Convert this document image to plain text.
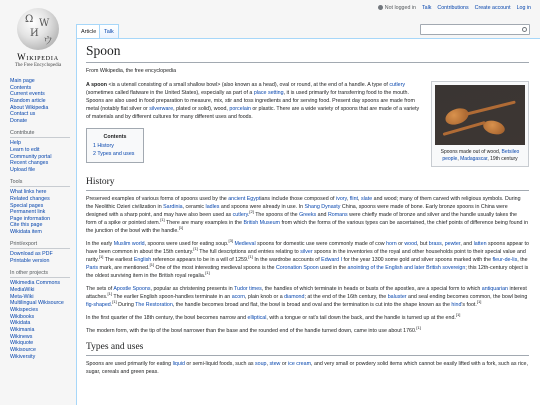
Ω W
И
ウ
Wikipedia
The Free Encyclopedia
Not logged in Talk Contributions Create account Log in
Article	Talk
Main page
Contents
Current events
Random article
About Wikipedia
Contact us
Donate
Contribute
Help
Learn to edit
Community portal
Recent changes
Upload file
Tools
What links here
Related changes
Special pages
Permanent link
Page information
Cite this page
Wikidata item
Print/export
Download as PDF
Printable version
In other projects
Wikimedia Commons
MediaWiki
Meta-Wiki
Multilingual Wikisource
Wikispecies
Wikibooks
Wikidata
Wikimania
Wikinews
Wikiquote
Wikisource
Wikiversity
Spoon
From Wikipedia, the free encyclopedia
Spoons made out of wood, Betsileo people, Madagascar, 19th century

A spoon <is a utensil consisting of a small shallow bowl> (also known as a head), oval or round, at the end of a handle. A type of cutlery (sometimes called flatware in the United States), especially as part of a place setting, it is used primarily for transferring food to the mouth. Spoons are also used in food preparation to measure, mix, stir and toss ingredients and for serving food. Present day spoons are made from metal (notably flat silver or silverware, plated or solid), wood, porcelain or plastic. There are a wide variety of spoons that are made of a variety of materials and by different cultures for many different uses and foods.

Contents
1 History
2 Types and uses
History

Preserved examples of various forms of spoons used by the ancient Egyptians include those composed of ivory, flint, slate and wood; many of them carved with religious symbols. During the Neolithic Ozieri civilization in Sardinia, ceramic ladles and spoons were already in use. In Shang Dynasty China, spoons were made of bone. Early bronze spoons in China were designed with a sharp point, and may have also been used as cutlery.[2] The spoons of the Greeks and Romans were chiefly made of bronze and silver and the handle usually takes the form of a spike or pointed stem.[1] There are many examples in the British Museum from which the forms of the various types can be ascertained, the chief points of difference being found in the junction of the bowl with the handle.[1]

In the early Muslim world, spoons were used for eating soup.[3] Medieval spoons for domestic use were commonly made of cow horn or wood, but brass, pewter, and latten spoons appear to have been common in about the 15th century.[1] The full descriptions and entries relating to silver spoons in the inventories of the royal and other households point to their special value and rarity.[1] The earliest English reference appears to be in a will of 1259.[1] In the wardrobe accounts of Edward I for the year 1300 some gold and silver spoons marked with the fleur-de-lis, the Paris mark, are mentioned.[1] One of the most interesting medieval spoons is the Coronation Spoon used in the anointing of the English and later British sovereign; this 12th-century object is the oldest surviving item in the British royal regalia.[1]

The sets of Apostle Spoons, popular as christening presents in Tudor times, the handles of which terminate in heads or busts of the apostles, are a special form to which antiquarian interest attaches.[1] The earlier English spoon-handles terminate in an acorn, plain knob or a diamond; at the end of the 16th century, the baluster and seal ending becomes common, the bowl being fig-shaped.[1] During The Restoration, the handle becomes broad and flat, the bowl is broad and oval and the termination is cut into the shape known as the hind's foot.[1]

In the first quarter of the 18th century, the bowl becomes narrow and elliptical, with a tongue or rat's tail down the back, and the handle is turned up at the end.[1]

The modern form, with the tip of the bowl narrower than the base and the rounded end of the handle turned down, came into use about 1760.[1]

Types and uses

Spoons are used primarily for eating liquid or semi-liquid foods, such as soup, stew or ice cream, and very small or powdery solid items which cannot be easily lifted with a fork, such as rice, sugar, cereals and green peas.
